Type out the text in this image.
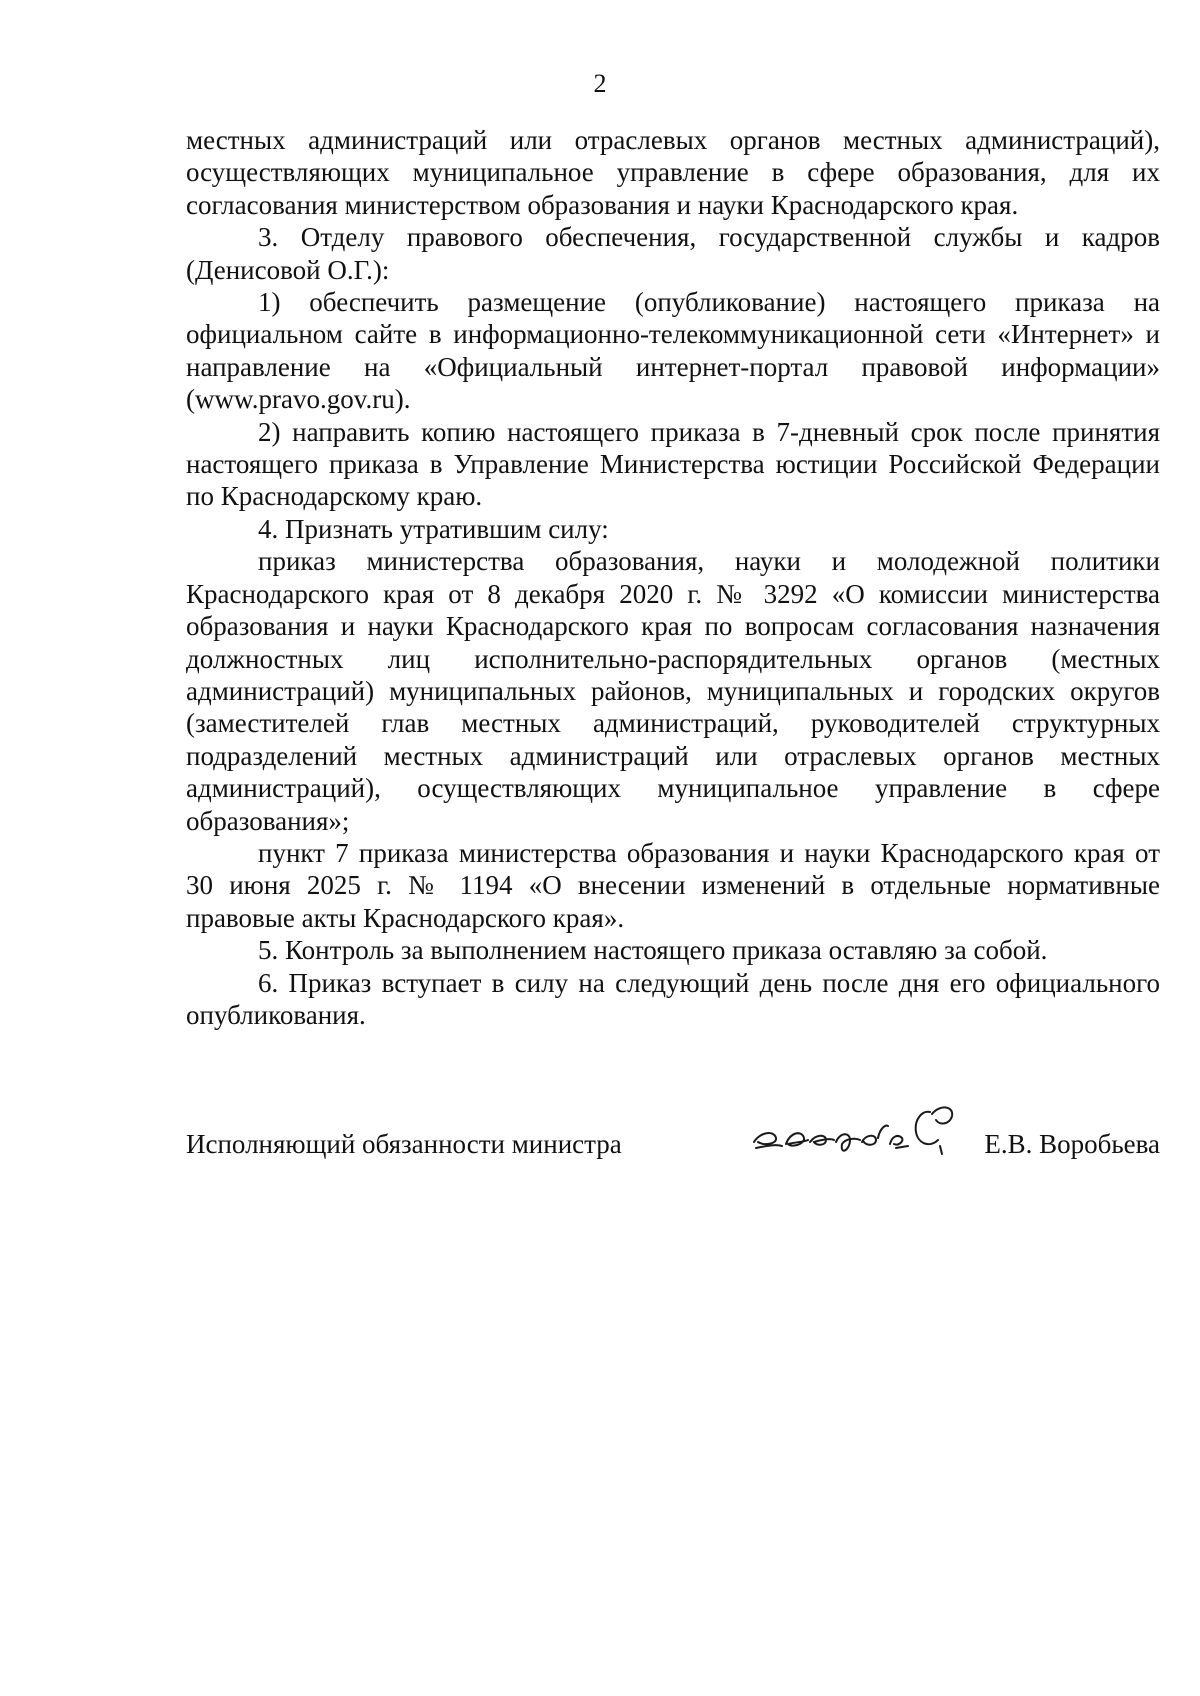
2

местных администраций или отраслевых органов местных администраций), осуществляющих муниципальное управление в сфере образования, для их согласования министерством образования и науки Краснодарского края.

3. Отделу правового обеспечения, государственной службы и кадров (Денисовой О.Г.):

1) обеспечить размещение (опубликование) настоящего приказа на официальном сайте в информационно-телекоммуникационной сети «Интернет» и направление на «Официальный интернет-портал правовой информации» (www.pravo.gov.ru).

2) направить копию настоящего приказа в 7-дневный срок после принятия настоящего приказа в Управление Министерства юстиции Российской Федерации по Краснодарскому краю.

4. Признать утратившим силу:

приказ министерства образования, науки и молодежной политики Краснодарского края от 8 декабря 2020 г. № 3292 «О комиссии министерства образования и науки Краснодарского края по вопросам согласования назначения должностных лиц исполнительно-распорядительных органов (местных администраций) муниципальных районов, муниципальных и городских округов (заместителей глав местных администраций, руководителей структурных подразделений местных администраций или отраслевых органов местных администраций), осуществляющих муниципальное управление в сфере образования»;

пункт 7 приказа министерства образования и науки Краснодарского края от 30 июня 2025 г. № 1194 «О внесении изменений в отдельные нормативные правовые акты Краснодарского края».

5. Контроль за выполнением настоящего приказа оставляю за собой.

6. Приказ вступает в силу на следующий день после дня его официального опубликования.

Исполняющий обязанности министра	Е.В. Воробьева
